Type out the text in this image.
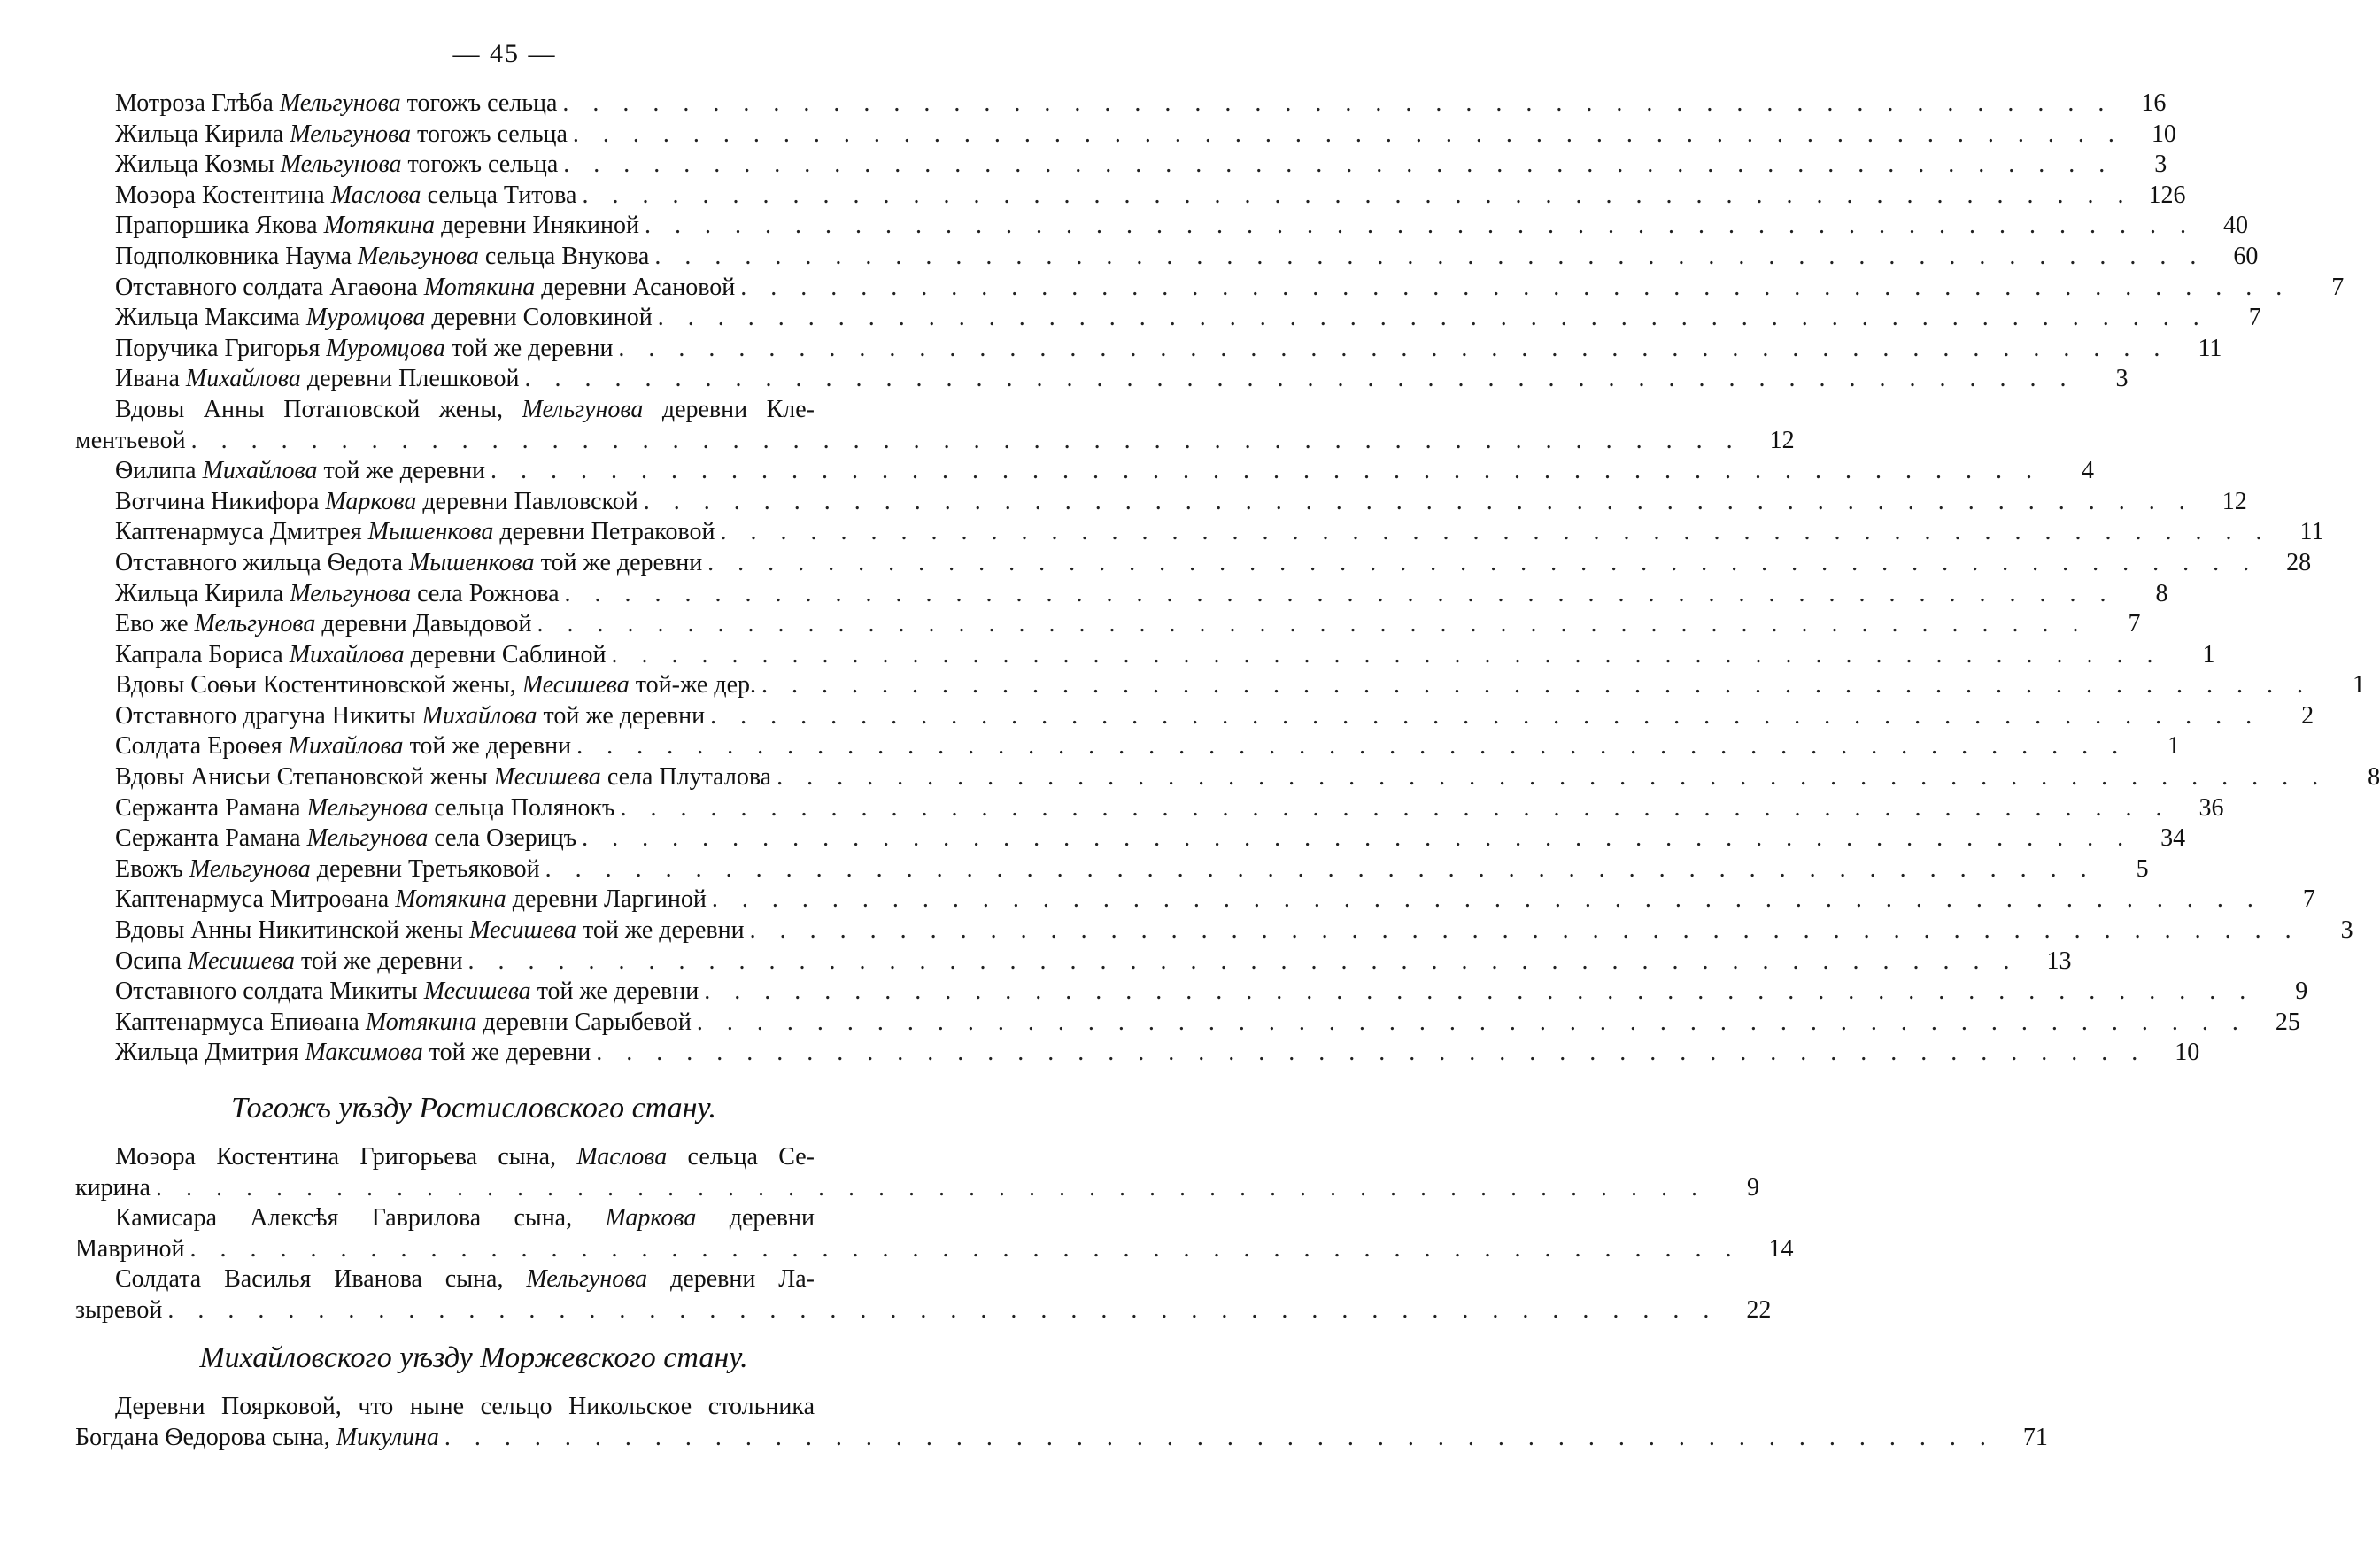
— 45 —
Мотроза Глѣба Мельгунова тогожъ сельца . . .	16
Жильца Кирила Мельгунова тогожъ сельца . . .	10
Жильца Козмы Мельгунова тогожъ сельца . . .	3
Моэора Костентина Маслова сельца Титова . . .	126
Прапоршика Якова Мотякина деревни Инякиной . . .	40
Подполковника Наума Мельгунова сельца Внукова . . .	60
Отставного солдата Агаѳона Мотякина деревни Асановой . . .	7
Жильца Максима Муромцова деревни Соловкиной . . .	7
Поручика Григорья Муромцова той же деревни . . .	11
Ивана Михайлова деревни Плешковой . . .	3
Вдовы Анны Потаповской жены, Мельгунова деревни Кле-
ментьевой . . .	12
Ѳилипа Михайлова той же деревни . . .	4
Вотчина Никифора Маркова деревни Павловской . . .	12
Каптенармуса Дмитрея Мышенкова деревни Петраковой . . .	11
Отставного жильца Ѳедота Мышенкова той же деревни . . .	28
Жильца Кирила Мельгунова села Рожнова . . .	8
Ево же Мельгунова деревни Давыдовой . . .	7
Капрала Бориса Михайлова деревни Саблиной . . .	1
Вдовы Соѳьи Костентиновской жены, Месишева той-же дер. . . .	1
Отставного драгуна Никиты Михайлова той же деревни . . .	2
Солдата Ероѳея Михайлова той же деревни . . .	1
Вдовы Анисьи Степановской жены Месишева села Плуталова . . .	8
Сержанта Рамана Мельгунова сельца Полянокъ . . .	36
Сержанта Рамана Мельгунова села Озерицъ . . .	34
Евожъ Мельгунова деревни Третьяковой . . .	5
Каптенармуса Митроѳана Мотякина деревни Ларгиной . . .	7
Вдовы Анны Никитинской жены Месишева той же деревни . . .	3
Осипа Месишева той же деревни . . .	13
Отставного солдата Микиты Месишева той же деревни . . .	9
Каптенармуса Епиѳана Мотякина деревни Сарыбевой . . .	25
Жильца Дмитрия Максимова той же деревни . . .	10
Тогожъ уѣзду Ростисловского стану.
Моэора Костентина Григорьева сына, Маслова сельца Се-
кирина . . .	9
Камисара Алексѣя Гаврилова сына, Маркова деревни
Мавриной . . .	14
Солдата Василья Иванова сына, Мельгунова деревни Ла-
зыревой . . .	22
Михайловского уѣзду Моржевского стану.
Деревни Поярковой, что ныне сельцо Никольское стольника
Богдана Ѳедорова сына, Микулина . . .	71
